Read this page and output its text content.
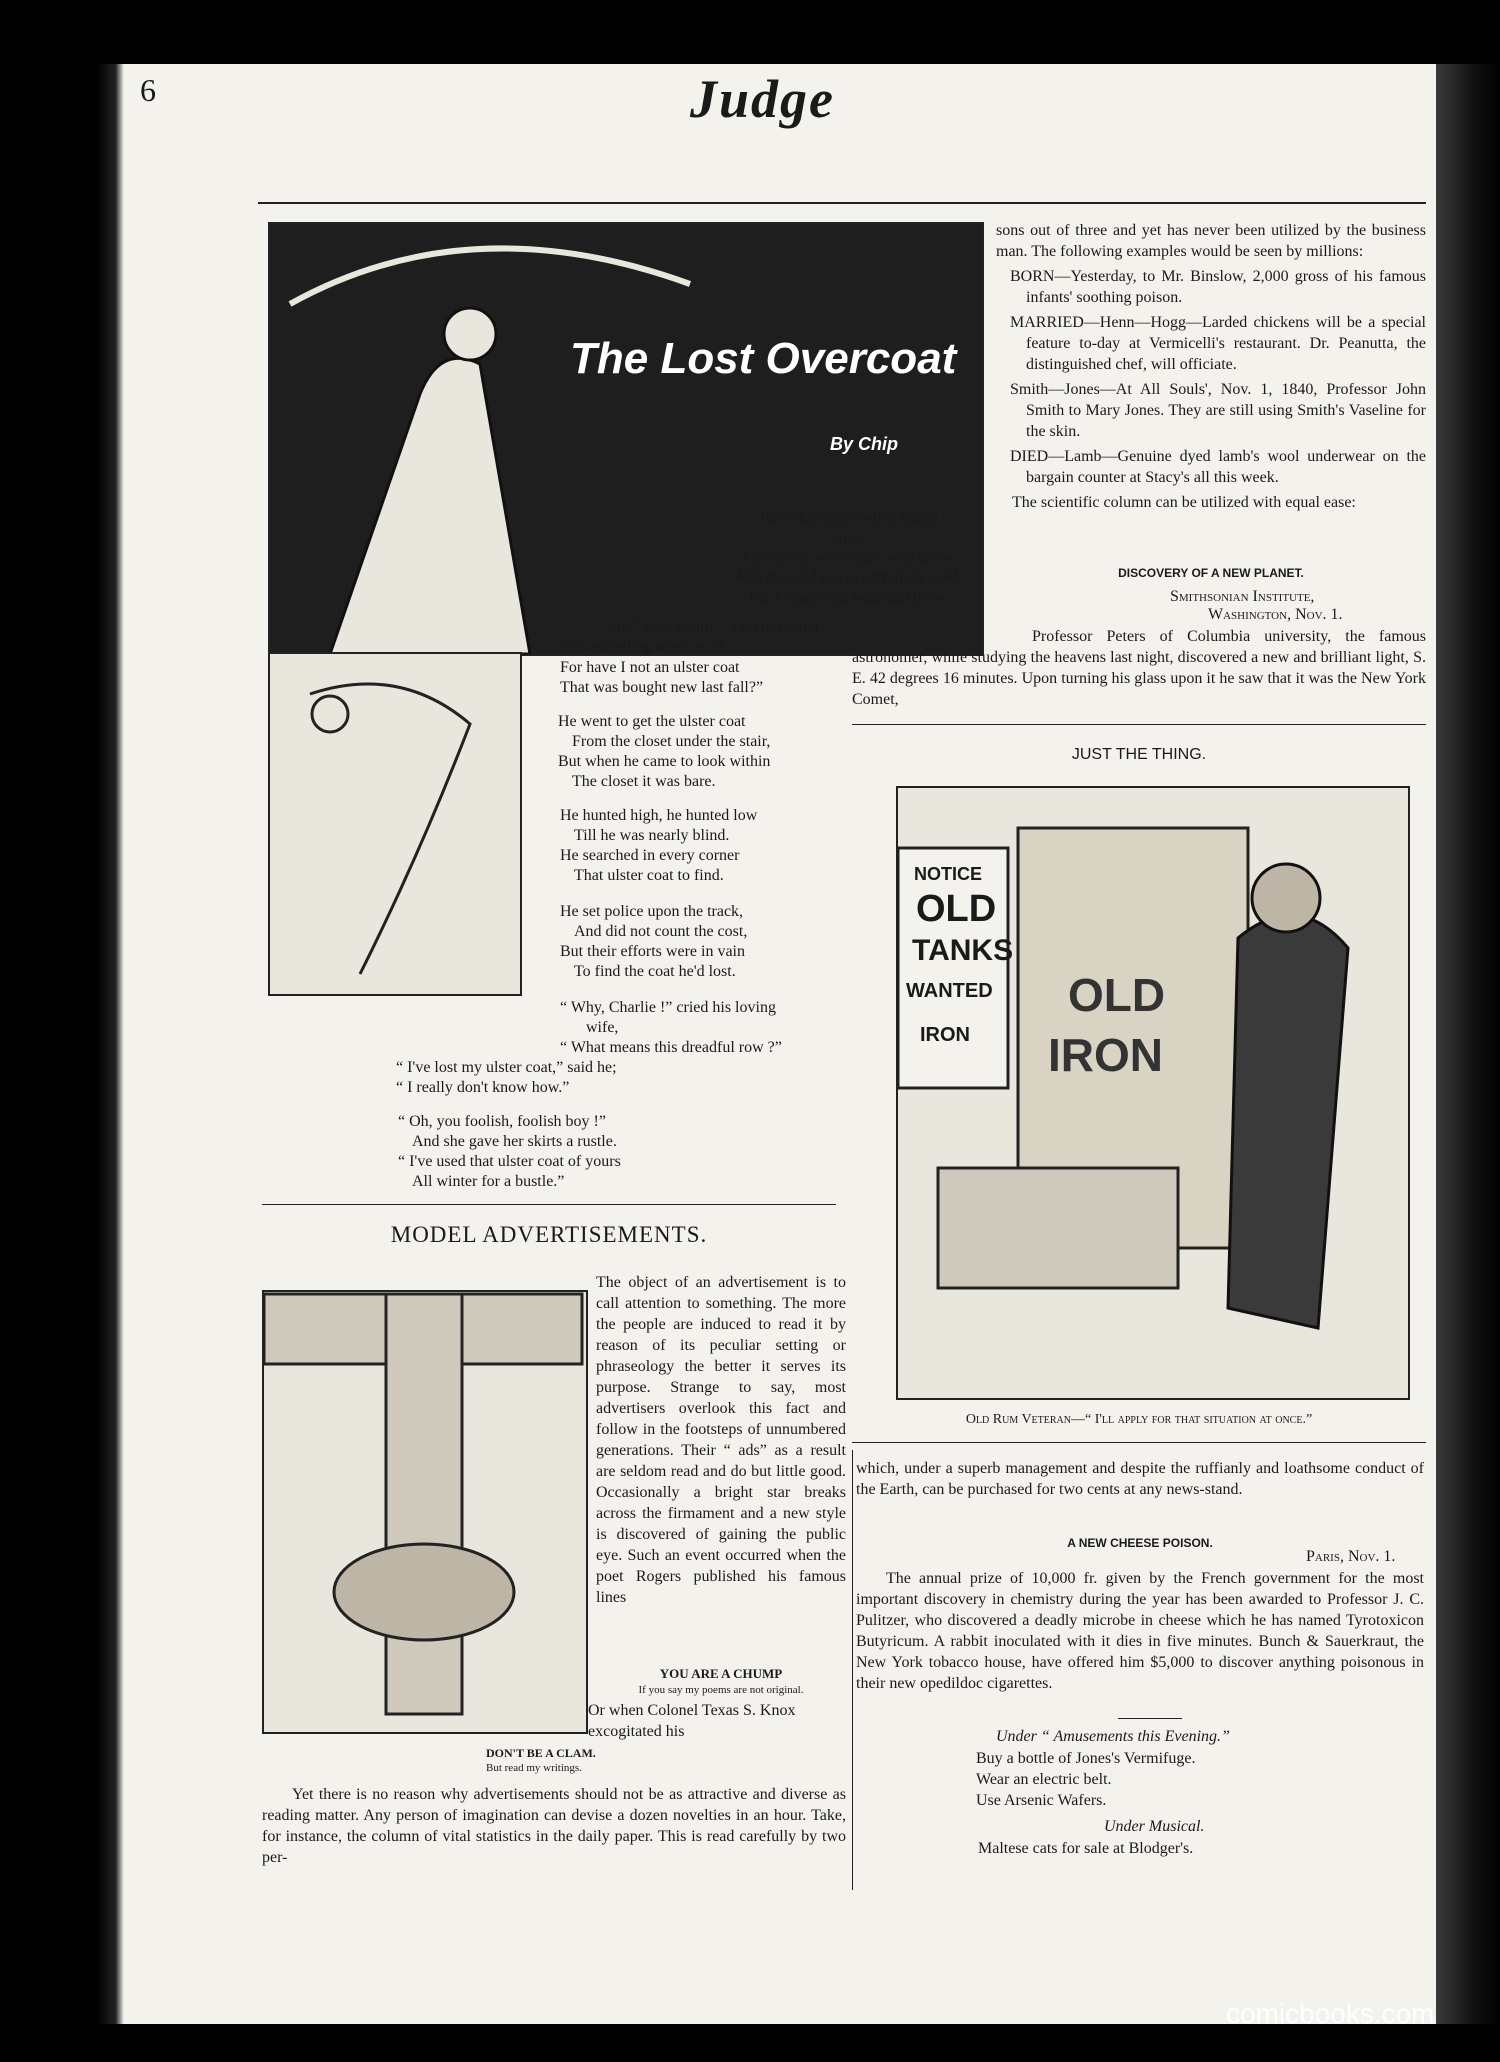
6	Judge
The Lost Overcoat
By Chip
The other morn when Smith
arose
The streets were thick with snow,
And the cold it was extremely cold,
For a sharp east wind did blow.
“ Ah,” said Smith, “ I do not mind
This whistling wind at all,
For have I not an ulster coat
That was bought new last fall?”
He went to get the ulster coat
From the closet under the stair,
But when he came to look within
The closet it was bare.
He hunted high, he hunted low
Till he was nearly blind.
He searched in every corner
That ulster coat to find.
He set police upon the track,
And did not count the cost,
But their efforts were in vain
To find the coat he'd lost.
“ Why, Charlie !” cried his loving
wife,
“ What means this dreadful row ?”
“ I've lost my ulster coat,” said he;
“ I really don't know how.”
“ Oh, you foolish, foolish boy !”
And she gave her skirts a rustle.
“ I've used that ulster coat of yours
All winter for a bustle.”
MODEL ADVERTISEMENTS.
The object of an advertisement is to call attention to something. The more the people are induced to read it by reason of its peculiar setting or phraseology the better it serves its purpose. Strange to say, most advertisers overlook this fact and follow in the footsteps of unnumbered generations. Their “ ads” as a result are seldom read and do but little good. Occasionally a bright star breaks across the firmament and a new style is discovered of gaining the public eye. Such an event occurred when the poet Rogers published his famous lines
YOU ARE A CHUMP
If you say my poems are not original.
Or when Colonel Texas S. Knox excogitated his
DON'T BE A CLAM.
But read my writings.
Yet there is no reason why advertisements should not be as attractive and diverse as reading matter. Any person of imagination can devise a dozen novelties in an hour. Take, for instance, the column of vital statistics in the daily paper. This is read carefully by two per-

sons out of three and yet has never been utilized by the business man. The following examples would be seen by millions:

BORN—Yesterday, to Mr. Binslow, 2,000 gross of his famous infants' soothing poison.

MARRIED—Henn—Hogg—Larded chickens will be a special feature to-day at Vermicelli's restaurant. Dr. Peanutta, the distinguished chef, will officiate.

Smith—Jones—At All Souls', Nov. 1, 1840, Professor John Smith to Mary Jones. They are still using Smith's Vaseline for the skin.

DIED—Lamb—Genuine dyed lamb's wool underwear on the bargain counter at Stacy's all this week.

The scientific column can be utilized with equal ease:

DISCOVERY OF A NEW PLANET.
Smithsonian Institute,
Washington, Nov. 1.
Professor Peters of Columbia university, the famous astronomer, while studying the heavens last night, discovered a new and brilliant light, S. E. 42 degrees 16 minutes. Upon turning his glass upon it he saw that it was the New York Comet,
JUST THE THING.
NOTICE
OLD
TANKS
WANTED
IRON
OLD
IRON
Old Rum Veteran—“ I'll apply for that situation at once.”
which, under a superb management and despite the ruffianly and loathsome conduct of the Earth, can be purchased for two cents at any news-stand.
A NEW CHEESE POISON.
Paris, Nov. 1.
The annual prize of 10,000 fr. given by the French government for the most important discovery in chemistry during the year has been awarded to Professor J. C. Pulitzer, who discovered a deadly microbe in cheese which he has named Tyrotoxicon Butyricum. A rabbit inoculated with it dies in five minutes. Bunch & Sauerkraut, the New York tobacco house, have offered him $5,000 to discover anything poisonous in their new opedildoc cigarettes.
Under “ Amusements this Evening.”
Buy a bottle of Jones's Vermifuge.
Wear an electric belt.
Use Arsenic Wafers.
Under Musical.
Maltese cats for sale at Blodger's.
comicbooks.com
